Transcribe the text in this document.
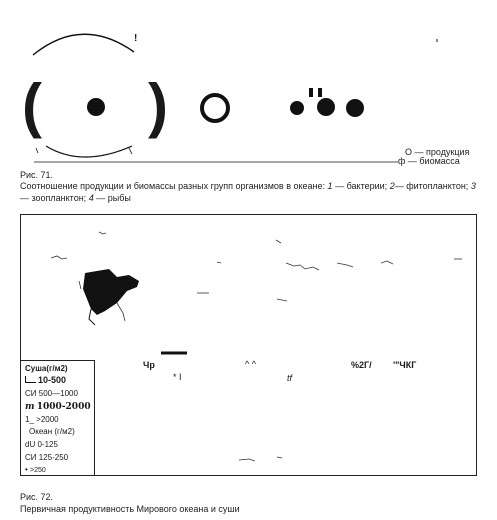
!
( )
О — продукция
ф — биомасса
Рис. 71.
Соотношение продукции и биомассы разных групп организмов в океане: 1 — бактерии; 2— фитопланктон; 3 — зоопланктон; 4 — рыбы
Чр
* I
^ ^
tf
%2Г/ '"ЧКГ
Суша(г/м2)
10-500
СИ 500—1000
m 1000-2000
1_ >2000
Океан (г/м2)
dU 0-125
СИ 125-250
• >250
Рис. 72.
Первичная продуктивность Мирового океана и суши
